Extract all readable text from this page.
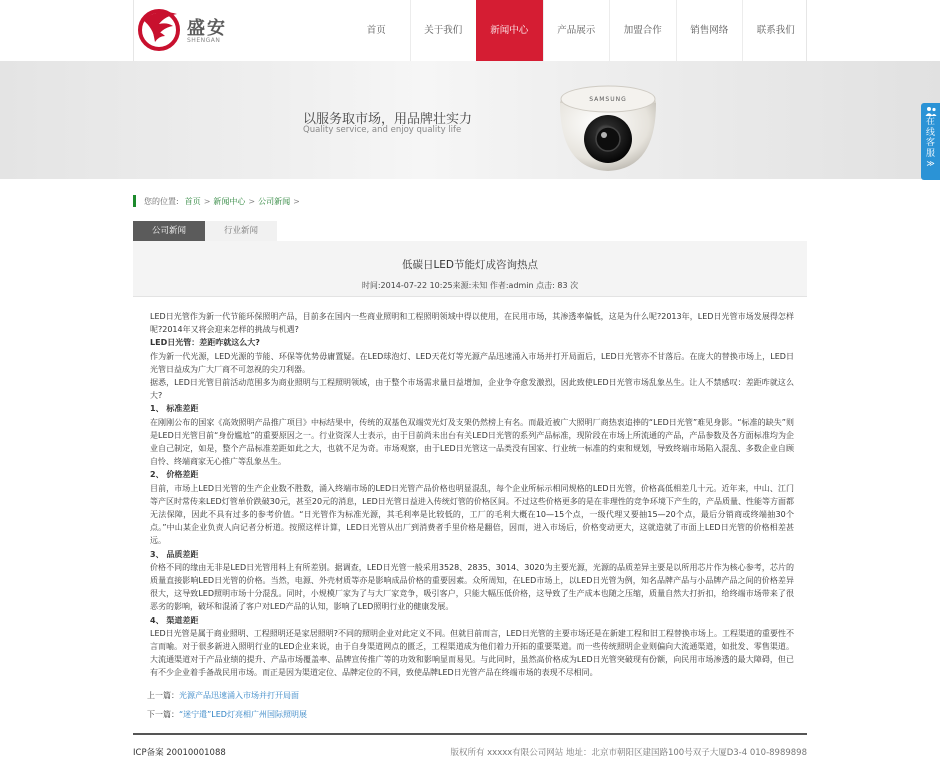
盛安
SHENGAN
首页	关于我们	新闻中心	产品展示	加盟合作	销售网络	联系我们
以服务取市场，用品牌壮实力
Quality service, and enjoy quality life
SAMSUNG
在线客服
≫
您的位置: 首页 > 新闻中心 > 公司新闻 >
公司新闻	行业新闻
低碳日LED节能灯成咨询热点
时间:2014-07-22 10:25来源:未知 作者:admin 点击: 83 次

LED日光管作为新一代节能环保照明产品，目前多在国内一些商业照明和工程照明领域中得以使用，在民用市场，其渗透率偏低，这是为什么呢?2013年，LED日光管市场发展得怎样呢?2014年又将会迎来怎样的挑战与机遇?

LED日光管：差距咋就这么大?

作为新一代光源，LED光源的节能、环保等优势毋庸置疑。在LED球泡灯、LED天花灯等光源产品迅速涌入市场并打开局面后，LED日光管亦不甘落后。在庞大的替换市场上，LED日光管日益成为广大厂商不可忽视的尖刀利器。

据悉，LED日光管目前活动范围多为商业照明与工程照明领域，由于整个市场需求量日益增加，企业争夺愈发激烈，因此致使LED日光管市场乱象丛生。让人不禁感叹：差距咋就这么大?

1、 标准差距

在刚刚公布的国家《高效照明产品推广项目》中标结果中，传统的双基色双端荧光灯及支架仍然榜上有名。而最近被广大照明厂商热衷追捧的“LED日光管”难见身影。“标准的缺失”则是LED日光管目前“身份尴尬”的重要原因之一。行业资深人士表示，由于目前尚未出台有关LED日光管的系列产品标准，现阶段在市场上所流通的产品，产品参数及各方面标准均为企业自己制定，如是，整个产品标准差距如此之大，也就不足为奇。市场观察，由于LED日光管这一品类没有国家、行业统一标准的约束和规划，导致终端市场陷入混乱、多数企业自顾自怜、终端商家无心推广等乱象丛生。

2、 价格差距

目前，市场上LED日光管的生产企业数不胜数，涌入终端市场的LED日光管产品价格也明显混乱，每个企业所标示相同规格的LED日光管，价格高低相差几十元。近年来，中山、江门等产区时常传来LED灯管单价跌破30元，甚至20元的消息，LED日光管日益进入传统灯管的价格区间。不过这些价格更多的是在非理性的竞争环境下产生的，产品质量、性能等方面都无法保障，因此不具有过多的参考价值。“日光管作为标准光源，其毛利率是比较低的，工厂的毛利大概在10—15个点，一级代理又要抽15—20个点，最后分销商或终端抽30个点。”中山某企业负责人向记者分析道。按照这样计算，LED日光管从出厂到消费者手里价格是翻倍，因而，进入市场后，价格变动更大，这就造就了市面上LED日光管的价格相差甚远。

3、 品质差距

价格不同的缘由无非是LED日光管用料上有所差别。据调查，LED日光管一般采用3528、2835、3014、3020为主要光源，光源的品质差异主要是以所用芯片作为核心参考，芯片的质量直接影响LED日光管的价格。当然，电源、外壳材质等亦是影响成品价格的重要因素。众所周知，在LED市场上，以LED日光管为例，知名品牌产品与小品牌产品之间的价格差异很大，这导致LED照明市场十分混乱。同时，小规模厂家为了与大厂家竞争，吸引客户，只能大幅压低价格，这导致了生产成本也随之压缩，质量自然大打折扣，给终端市场带来了很恶劣的影响，破坏和混淆了客户对LED产品的认知，影响了LED照明行业的健康发展。

4、 渠道差距

LED日光管是属于商业照明、工程照明还是家居照明?不同的照明企业对此定义不同。但就目前而言，LED日光管的主要市场还是在新建工程和旧工程替换市场上。工程渠道的重要性不言而喻。对于很多新进入照明行业的LED企业来说，由于自身渠道网点的匮乏，工程渠道成为他们着力开拓的重要渠道。而一些传统照明企业则偏向大流通渠道，如批发、零售渠道。大流通渠道对于产品业绩的提升、产品市场覆盖率、品牌宣传推广等的功效和影响显而易见。与此同时，虽然高价格成为LED日光管突破现有份额，向民用市场渗透的最大障碍，但已有不少企业着手备战民用市场。而正是因为渠道定位、品牌定位的不同，致使品牌LED日光管产品在终端市场的表现不尽相同。

上一篇：光源产品迅速涌入市场并打开局面
下一篇：“迷宁遣”LED灯亮相广州国际照明展
ICP备案 20010001088	版权所有 xxxxx有限公司网站 地址：北京市朝阳区建国路100号双子大厦D3-4 010-8989898
